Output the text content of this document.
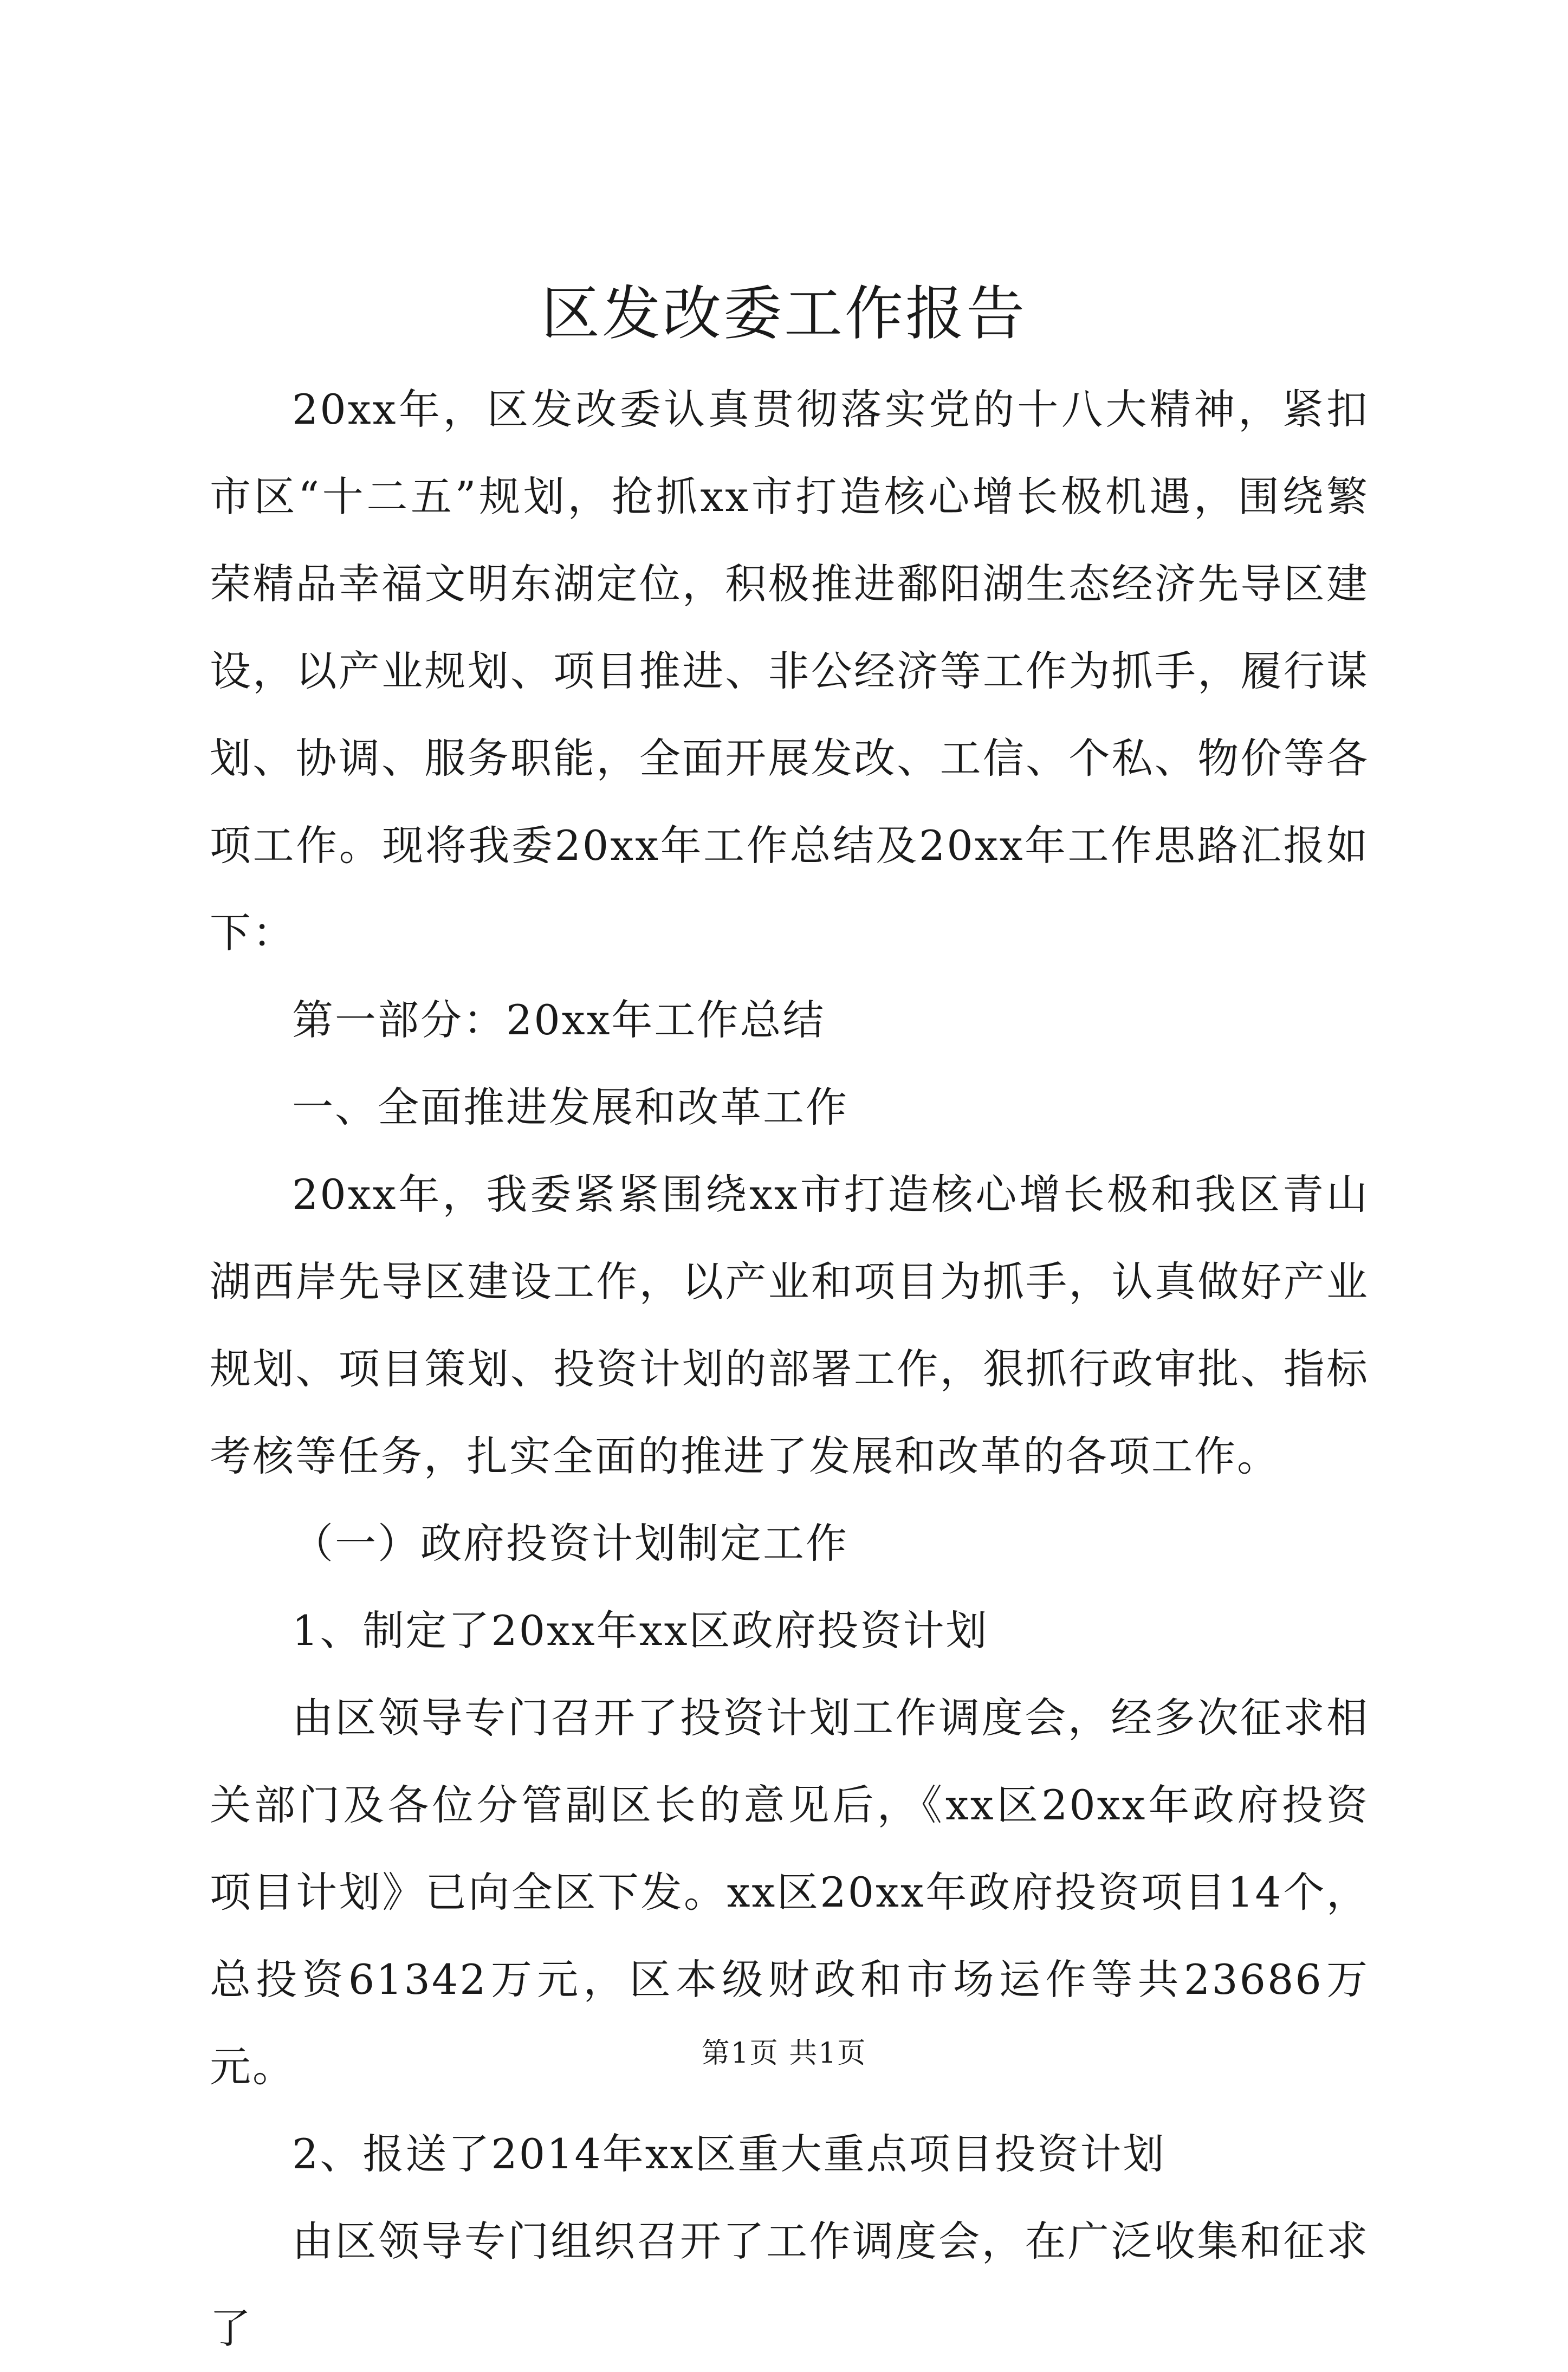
区发改委工作报告

20xx年，区发改委认真贯彻落实党的十八大精神，紧扣市区“十二五”规划，抢抓xx市打造核心增长极机遇，围绕繁荣精品幸福文明东湖定位，积极推进鄱阳湖生态经济先导区建设，以产业规划、项目推进、非公经济等工作为抓手，履行谋划、协调、服务职能，全面开展发改、工信、个私、物价等各项工作。现将我委20xx年工作总结及20xx年工作思路汇报如下：

第一部分：20xx年工作总结

一、全面推进发展和改革工作

20xx年，我委紧紧围绕xx市打造核心增长极和我区青山湖西岸先导区建设工作，以产业和项目为抓手，认真做好产业规划、项目策划、投资计划的部署工作，狠抓行政审批、指标考核等任务，扎实全面的推进了发展和改革的各项工作。

（一）政府投资计划制定工作

1、制定了20xx年xx区政府投资计划

由区领导专门召开了投资计划工作调度会，经多次征求相关部门及各位分管副区长的意见后，《xx区20xx年政府投资项目计划》已向全区下发。xx区20xx年政府投资项目14个，总投资61342万元，区本级财政和市场运作等共23686万元。

2、报送了2014年xx区重大重点项目投资计划

由区领导专门组织召开了工作调度会，在广泛收集和征求了

第1页 共1页
